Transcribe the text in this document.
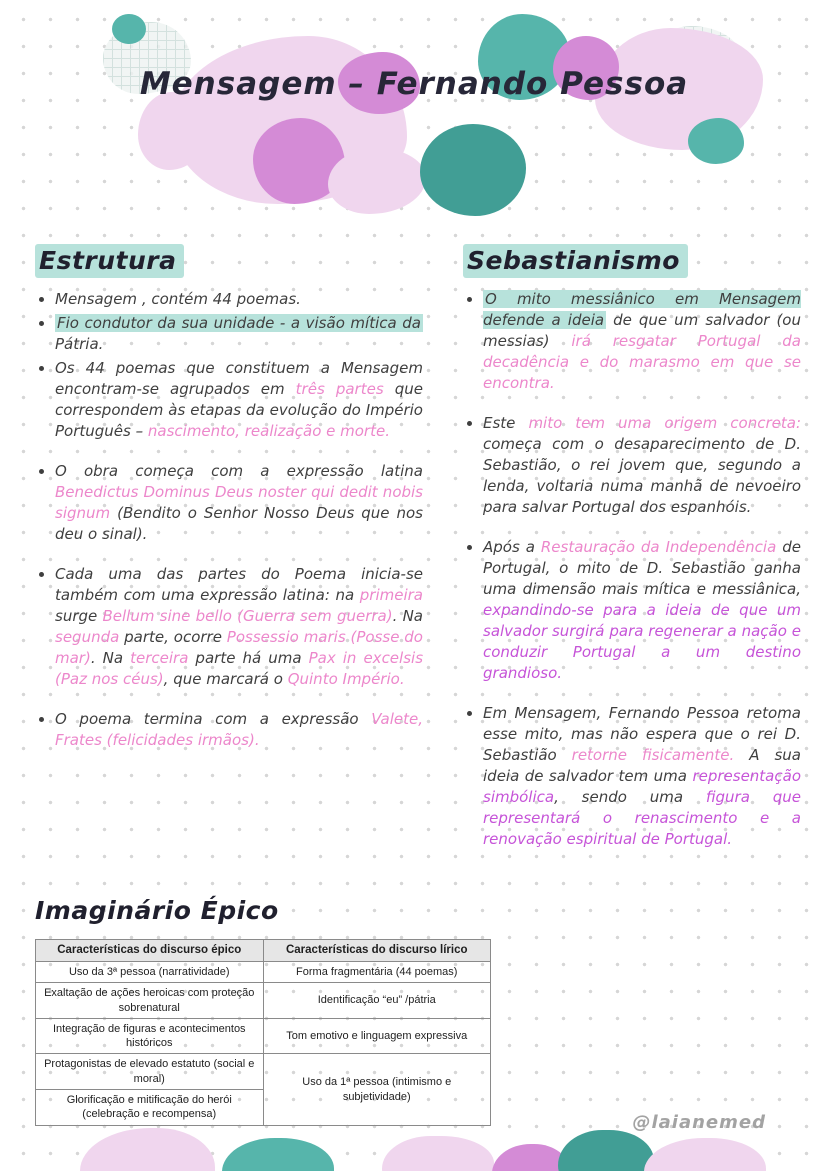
Mensagem – Fernando Pessoa
Estrutura
• Mensagem , contém 44 poemas.
• Fio condutor da sua unidade - a visão mítica da Pátria.
• Os 44 poemas que constituem a Mensagem encontram-se agrupados em três partes que correspondem às etapas da evolução do Império Português – nascimento, realização e morte.
• O obra começa com a expressão latina Benedictus Dominus Deus noster qui dedit nobis signum (Bendito o Senhor Nosso Deus que nos deu o sinal).
• Cada uma das partes do Poema inicia-se também com uma expressão latina: na primeira surge Bellum sine bello (Guerra sem guerra). Na segunda parte, ocorre Possessio maris (Posse do mar). Na terceira parte há uma Pax in excelsis (Paz nos céus), que marcará o Quinto Império.
• O poema termina com a expressão Valete, Frates (felicidades irmãos).
Sebastianismo
• O mito messiânico em Mensagem defende a ideia de que um salvador (ou messias) irá resgatar Portugal da decadência e do marasmo em que se encontra.
• Este mito tem uma origem concreta: começa com o desaparecimento de D. Sebastião, o rei jovem que, segundo a lenda, voltaria numa manhã de nevoeiro para salvar Portugal dos espanhóis.
• Após a Restauração da Independência de Portugal, o mito de D. Sebastião ganha uma dimensão mais mítica e messiânica, expandindo-se para a ideia de que um salvador surgirá para regenerar a nação e conduzir Portugal a um destino grandioso.
• Em Mensagem, Fernando Pessoa retoma esse mito, mas não espera que o rei D. Sebastião retorne fisicamente. A sua ideia de salvador tem uma representação simbólica, sendo uma figura que representará o renascimento e a renovação espiritual de Portugal.
Imaginário Épico
Características do discurso épico	Características do discurso lírico
Uso da 3ª pessoa (narratividade)	Forma fragmentária (44 poemas)
Exaltação de ações heroicas com proteção sobrenatural	Identificação “eu” /pátria
Integração de figuras e acontecimentos históricos	Tom emotivo e linguagem expressiva
Protagonistas de elevado estatuto (social e moral)	Uso da 1ª pessoa (intimismo e subjetividade)
Glorificação e mitificação do herói (celebração e recompensa)		@laianemed
